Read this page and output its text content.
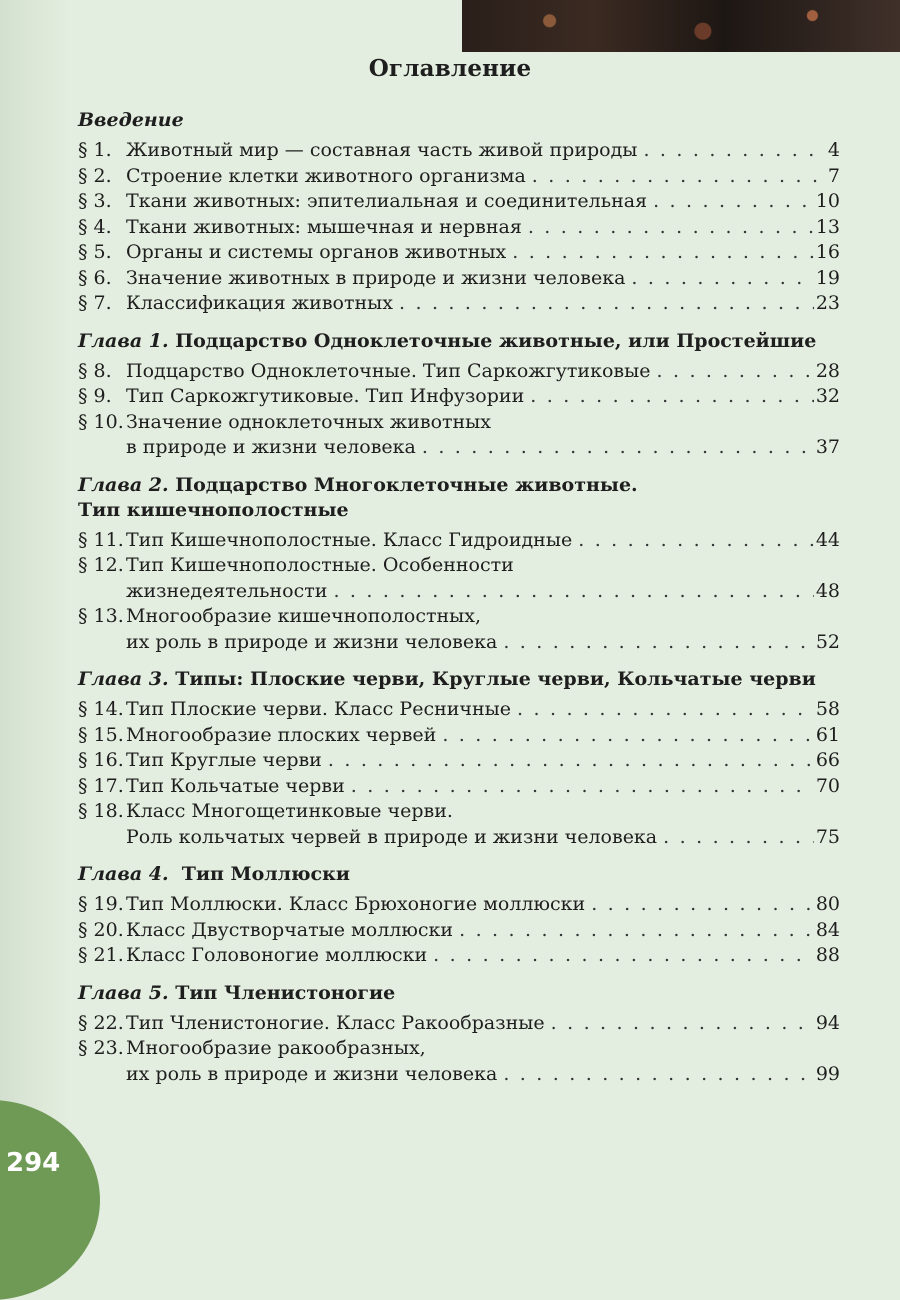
Оглавление
Введение
§ 1. Животный мир — составная часть живой природы . . .	4
§ 2. Строение клетки животного организма . . .	7
§ 3. Ткани животных: эпителиальная и соединительная . . .	10
§ 4. Ткани животных: мышечная и нервная . . .	13
§ 5. Органы и системы органов животных . . .	16
§ 6. Значение животных в природе и жизни человека . . .	19
§ 7. Классификация животных . . .	23
Глава 1. Подцарство Одноклеточные животные, или Простейшие
§ 8. Подцарство Одноклеточные. Тип Саркожгутиковые . . .	28
§ 9. Тип Саркожгутиковые. Тип Инфузории . . .	32
§ 10. Значение одноклеточных животных
в природе и жизни человека . . .	37
Глава 2. Подцарство Многоклеточные животные.
Тип кишечнополостные
§ 11. Тип Кишечнополостные. Класс Гидроидные . . .	44
§ 12. Тип Кишечнополостные. Особенности
жизнедеятельности . . .	48
§ 13. Многообразие кишечнополостных,
их роль в природе и жизни человека . . .	52
Глава 3. Типы: Плоские черви, Круглые черви, Кольчатые черви
§ 14. Тип Плоские черви. Класс Ресничные . . .	58
§ 15. Многообразие плоских червей . . .	61
§ 16. Тип Круглые черви . . .	66
§ 17. Тип Кольчатые черви . . .	70
§ 18. Класс Многощетинковые черви.
Роль кольчатых червей в природе и жизни человека . . .	75
Глава 4.  Тип Моллюски
§ 19. Тип Моллюски. Класс Брюхоногие моллюски . . .	80
§ 20. Класс Двустворчатые моллюски . . .	84
§ 21. Класс Головоногие моллюски . . .	88
Глава 5. Тип Членистоногие
§ 22. Тип Членистоногие. Класс Ракообразные . . .	94
§ 23. Многообразие ракообразных,
их роль в природе и жизни человека . . .	99
294
